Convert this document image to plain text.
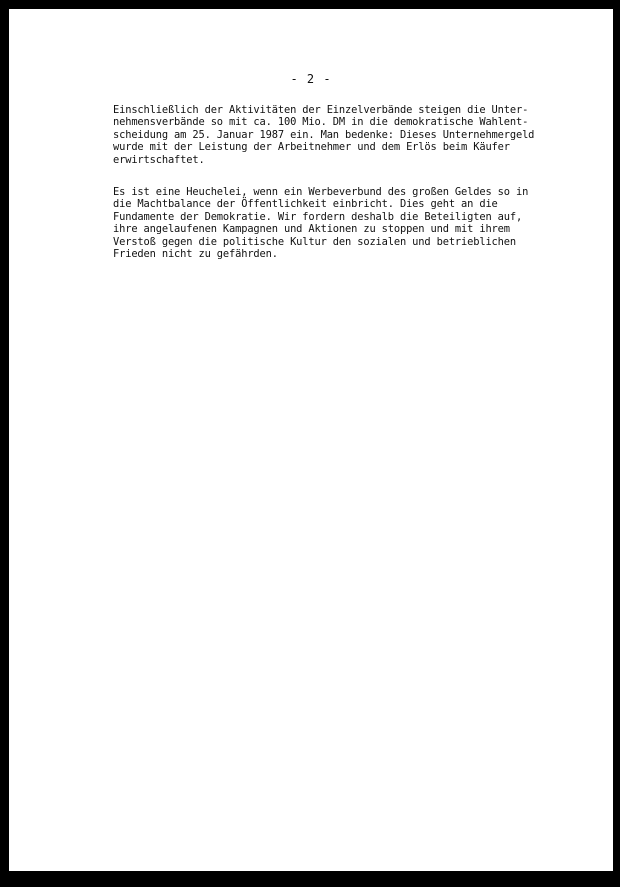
- 2 -
Einschließlich der Aktivitäten der Einzelverbände steigen die Unter-
nehmensverbände so mit ca. 100 Mio. DM in die demokratische Wahlent-
scheidung am 25. Januar 1987 ein. Man bedenke: Dieses Unternehmergeld
wurde mit der Leistung der Arbeitnehmer und dem Erlös beim Käufer
erwirtschaftet.
Es ist eine Heuchelei, wenn ein Werbeverbund des großen Geldes so in
die Machtbalance der Öffentlichkeit einbricht. Dies geht an die
Fundamente der Demokratie. Wir fordern deshalb die Beteiligten auf,
ihre angelaufenen Kampagnen und Aktionen zu stoppen und mit ihrem
Verstoß gegen die politische Kultur den sozialen und betrieblichen
Frieden nicht zu gefährden.
